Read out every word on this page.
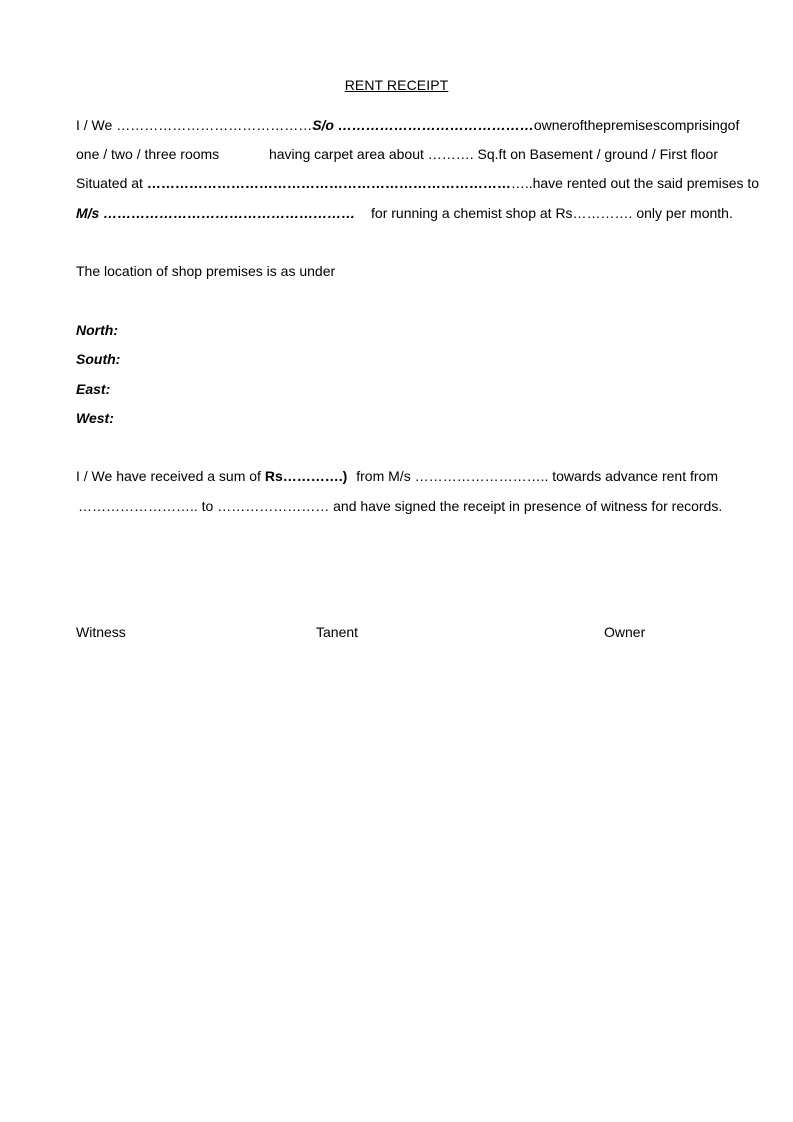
RENT RECEIPT
I / We ……………………………………S/o …………………………………… owner of the premises comprising of
one / two / three rooms	having carpet area about ………. Sq.ft on Basement / ground / First floor
Situated at …………………………………………………………………… …..have rented out the said premises to
M/s ……………………………………………… for running a chemist shop at Rs…………. only per month.
The location of shop premises is as under
North:
South:
East:
West:
I / We have received a sum of Rs………….) from M/s ……………………….. towards advance rent from
…………………….. to …………………… and have signed the receipt in presence of witness for records.
Witness	Tanent	Owner
